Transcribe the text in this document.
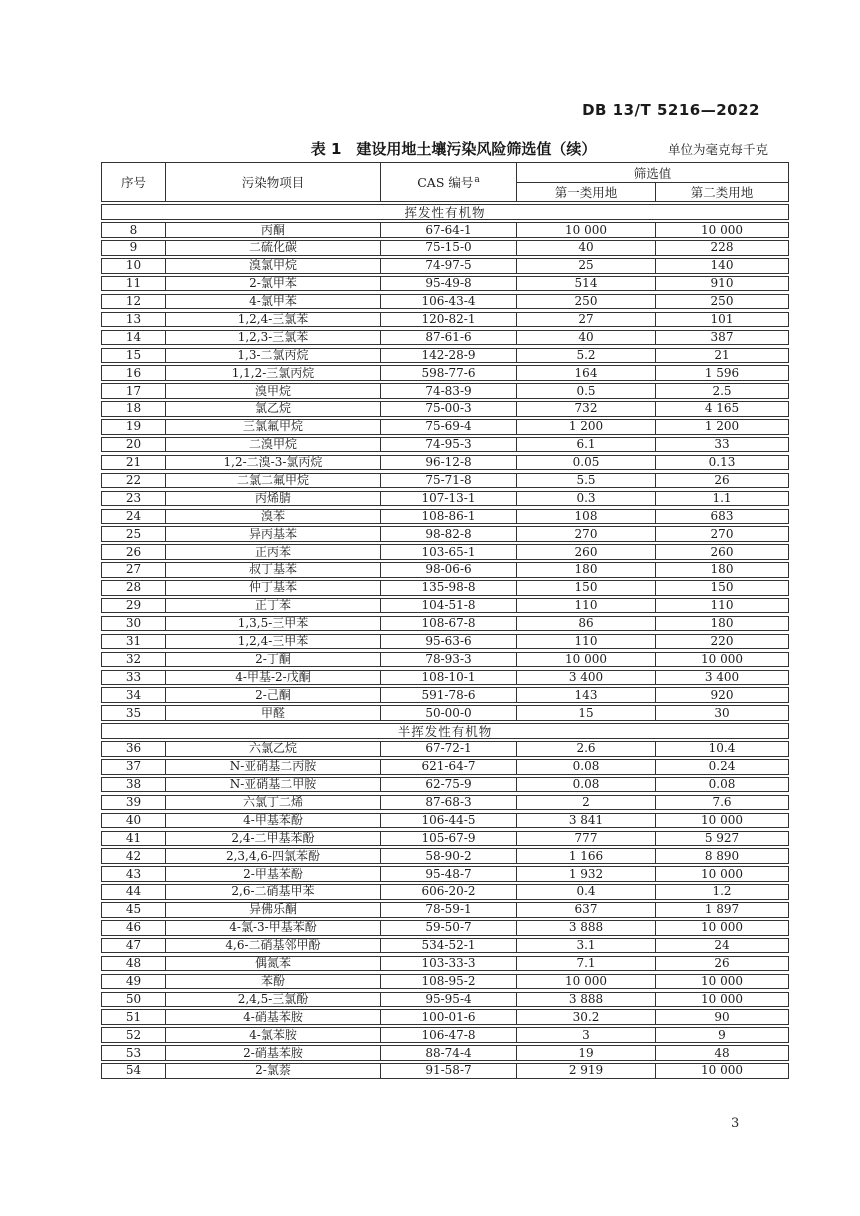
DB 13/T 5216—2022
表 1　建设用地土壤污染风险筛选值（续）	单位为毫克每千克
序号	污染物项目	CAS 编号 a	筛选值
第一类用地	第二类用地
挥发性有机物
8	丙酮	67-64-1	10 000	10 000
9	二硫化碳	75-15-0	40	228
10	溴氯甲烷	74-97-5	25	140
11	2-氯甲苯	95-49-8	514	910
12	4-氯甲苯	106-43-4	250	250
13	1,2,4-三氯苯	120-82-1	27	101
14	1,2,3-三氯苯	87-61-6	40	387
15	1,3-二氯丙烷	142-28-9	5.2	21
16	1,1,2-三氯丙烷	598-77-6	164	1 596
17	溴甲烷	74-83-9	0.5	2.5
18	氯乙烷	75-00-3	732	4 165
19	三氯氟甲烷	75-69-4	1 200	1 200
20	二溴甲烷	74-95-3	6.1	33
21	1,2-二溴-3-氯丙烷	96-12-8	0.05	0.13
22	二氯二氟甲烷	75-71-8	5.5	26
23	丙烯腈	107-13-1	0.3	1.1
24	溴苯	108-86-1	108	683
25	异丙基苯	98-82-8	270	270
26	正丙苯	103-65-1	260	260
27	叔丁基苯	98-06-6	180	180
28	仲丁基苯	135-98-8	150	150
29	正丁苯	104-51-8	110	110
30	1,3,5-三甲苯	108-67-8	86	180
31	1,2,4-三甲苯	95-63-6	110	220
32	2-丁酮	78-93-3	10 000	10 000
33	4-甲基-2-戊酮	108-10-1	3 400	3 400
34	2-己酮	591-78-6	143	920
35	甲醛	50-00-0	15	30
半挥发性有机物
36	六氯乙烷	67-72-1	2.6	10.4
37	N-亚硝基二丙胺	621-64-7	0.08	0.24
38	N-亚硝基二甲胺	62-75-9	0.08	0.08
39	六氯丁二烯	87-68-3	2	7.6
40	4-甲基苯酚	106-44-5	3 841	10 000
41	2,4-二甲基苯酚	105-67-9	777	5 927
42	2,3,4,6-四氯苯酚	58-90-2	1 166	8 890
43	2-甲基苯酚	95-48-7	1 932	10 000
44	2,6-二硝基甲苯	606-20-2	0.4	1.2
45	异佛乐酮	78-59-1	637	1 897
46	4-氯-3-甲基苯酚	59-50-7	3 888	10 000
47	4,6-二硝基邻甲酚	534-52-1	3.1	24
48	偶氮苯	103-33-3	7.1	26
49	苯酚	108-95-2	10 000	10 000
50	2,4,5-三氯酚	95-95-4	3 888	10 000
51	4-硝基苯胺	100-01-6	30.2	90
52	4-氯苯胺	106-47-8	3	9
53	2-硝基苯胺	88-74-4	19	48
54	2-氯萘	91-58-7	2 919	10 000
3
